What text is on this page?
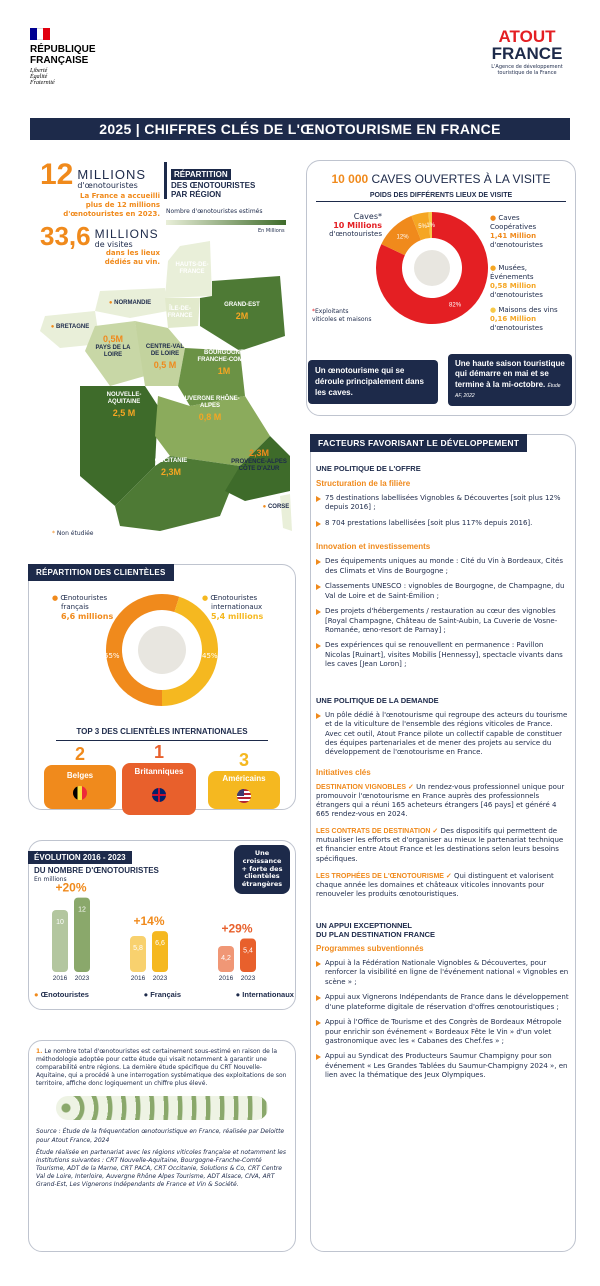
RÉPUBLIQUE
FRANÇAISE
Liberté
Égalité
Fraternité
ATOUT
FRANCE
L'Agence de développement
touristique de la France
2025 | CHIFFRES CLÉS DE L'ŒNOTOURISME EN FRANCE
12 MILLIONS
d'œnotouristes
La France a accueilli
plus de 12 millions
d'œnotouristes en 2023.
33,6 MILLIONS
de visites
dans les lieux
dédiés au vin.
RÉPARTITION
DES ŒNOTOURISTES
PAR RÉGION
Nombre d'œnotouristes estimés
En Millions
HAUTS-DE-FRANCE
● NORMANDIE
● BRETAGNE
ÎLE-DE-FRANCE
GRAND-EST
2M
0,5M
PAYS DE LA LOIRE
CENTRE-VAL DE LOIRE
0,5 M
BOURGOGNE FRANCHE-COMTÉ
1M
NOUVELLE-AQUITAINE
2,5 M
AUVERGNE RHÔNE-ALPES
0,8 M
OCCITANIE
2,3M
2,3M
PROVENCE-ALPES CÔTE D'AZUR
● CORSE
* Non étudiée
10 000 CAVES OUVERTES À LA VISITE
POIDS DES DIFFÉRENTS LIEUX DE VISITE
Caves*
10 Millions
d'œnotouristes
82%
12%
5% 1%
*Exploitants
viticoles et maisons
● Caves
Coopératives
1,41 Million
d'œnotouristes
● Musées,
Événements
0,58 Million
d'œnotouristes
● Maisons des vins
0,16 Million
d'œnotouristes
Un œnotourisme qui se déroule principalement dans les caves.
Une haute saison touristique qui démarre en mai et se termine à la mi-octobre. Étude AF, 2022
RÉPARTITION DES CLIENTÈLES
● Œnotouristes
français
6,6 millions
● Œnotouristes
internationaux
5,4 millions
55%	45%
TOP 3 DES CLIENTÈLES INTERNATIONALES
2
Belges
1
Britanniques
3
Américains
ÉVOLUTION 2016 - 2023
DU NOMBRE D'ŒNOTOURISTES
En millions
Une
croissance
+ forte des
clientèles
étrangères
10
2016
12
2023
+20%
5,8
2016
6,6
2023
+14%
4,2
2016
5,4
2023
+29%
● Œnotouristes	● Français	● Internationaux
FACTEURS FAVORISANT LE DÉVELOPPEMENT
UNE POLITIQUE DE L'OFFRE
Structuration de la filière
75 destinations labellisées Vignobles & Découvertes [soit plus 12% depuis 2016] ;
8 704 prestations labellisées [soit plus 117% depuis 2016].
Innovation et investissements
Des équipements uniques au monde : Cité du Vin à Bordeaux, Cités des Climats et Vins de Bourgogne ;
Classements UNESCO : vignobles de Bourgogne, de Champagne, du Val de Loire et de Saint-Émilion ;
Des projets d'hébergements / restauration au cœur des vignobles [Royal Champagne, Château de Saint-Aubin, La Cuverie de Vosne-Romanée, œno-resort de Parnay] ;
Des expériences qui se renouvellent en permanence : Pavillon Nicolas [Ruinart], visites Mobilis [Hennessy], spectacle vivants dans les caves [Jean Loron] ;
UNE POLITIQUE DE LA DEMANDE
Un pôle dédié à l'œnotourisme qui regroupe des acteurs du tourisme et de la viticulture de l'ensemble des régions viticoles de France. Avec cet outil, Atout France pilote un collectif capable de constituer des équipes partenariales et de mener des projets au service du développement de l'œnotourisme en France.
Initiatives clés
DESTINATION VIGNOBLES ✓ Un rendez-vous professionnel unique pour promouvoir l'œnotourisme en France auprès des professionnels étrangers qui a réuni 165 acheteurs étrangers [46 pays] et généré 4 665 rendez-vous en 2024.
LES CONTRATS DE DESTINATION ✓ Des dispositifs qui permettent de mutualiser les efforts et d'organiser au mieux le partenariat technique et financier entre Atout France et les destinations selon leurs besoins spécifiques.
LES TROPHÉES DE L'ŒNOTOURISME ✓ Qui distinguent et valorisent chaque année les domaines et châteaux viticoles innovants pour renouveler les produits œnotouristiques.
UN APPUI EXCEPTIONNEL
DU PLAN DESTINATION FRANCE
Programmes subventionnés
Appui à la Fédération Nationale Vignobles & Découvertes, pour renforcer la visibilité en ligne de l'événement national « Vignobles en scène » ;
Appui aux Vignerons Indépendants de France dans le développement d'une plateforme digitale de réservation d'offres œnotouristiques ;
Appui à l'Office de Tourisme et des Congrès de Bordeaux Métropole pour enrichir son événement « Bordeaux Fête le Vin » d'un volet gastronomique avec les « Cabanes des Chef.fes » ;
Appui au Syndicat des Producteurs Saumur Champigny pour son événement « Les Grandes Tablées du Saumur-Champigny 2024 », en lien avec la thématique des Jeux Olympiques.
1. Le nombre total d'œnotouristes est certainement sous-estimé en raison de la méthodologie adoptée pour cette étude qui visait notamment à garantir une comparabilité entre régions. La dernière étude spécifique du CRT Nouvelle-Aquitaine, qui a procédé à une interrogation systématique des exploitations de son territoire, affiche donc logiquement un chiffre plus élevé.
Source : Étude de la fréquentation œnotouristique en France, réalisée par Deloitte pour Atout France, 2024
Étude réalisée en partenariat avec les régions viticoles française et notamment les institutions suivantes : CRT Nouvelle-Aquitaine, Bourgogne-Franche-Comté Tourisme, ADT de la Marne, CRT PACA, CRT Occitanie, Solutions & Co, CRT Centre Val de Loire, Interloire, Auvergne Rhône Alpes Tourisme, ADT Alsace, CIVA, ART Grand-Est, Les Vignerons Indépendants de France et Vin & Société.
